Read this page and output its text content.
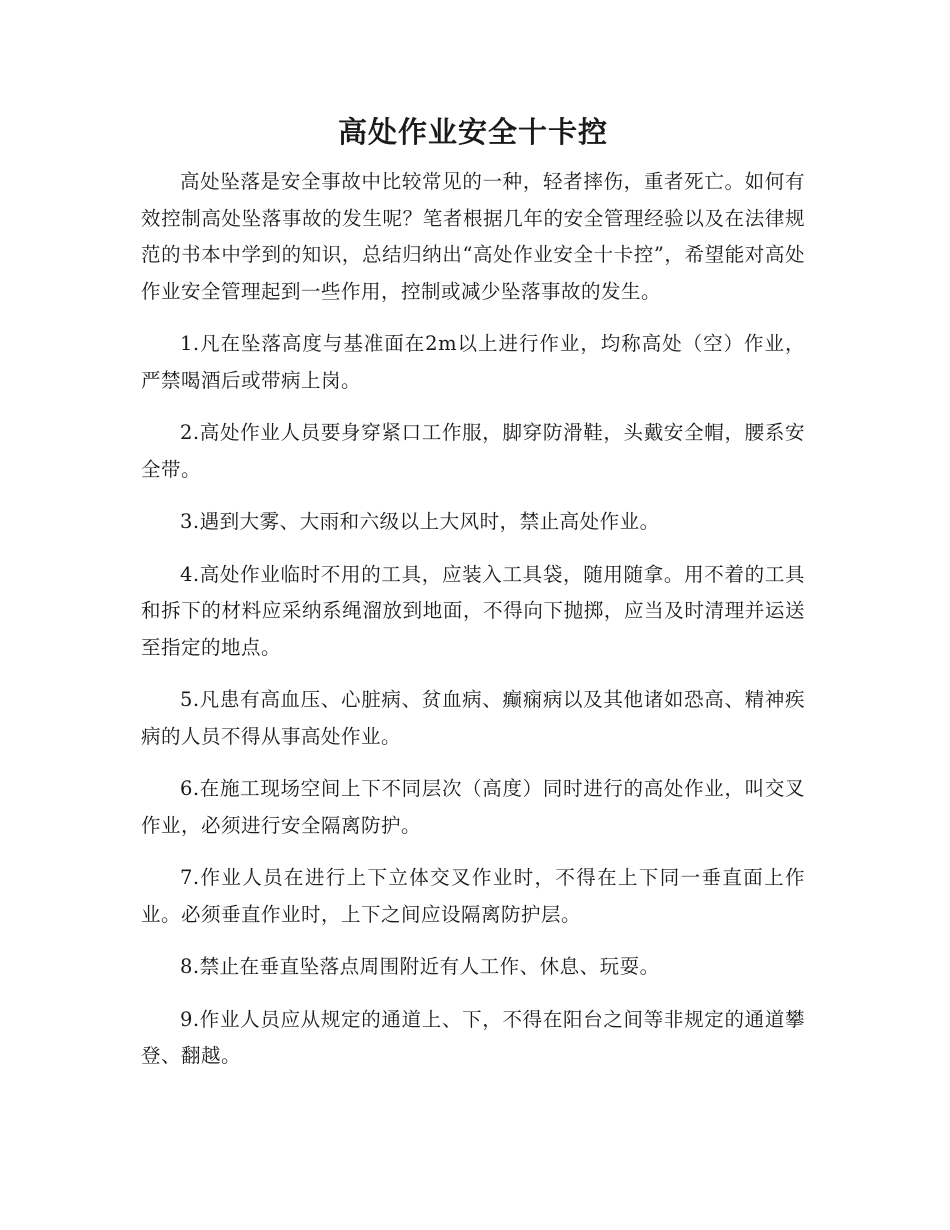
高处作业安全十卡控

高处坠落是安全事故中比较常见的一种，轻者摔伤，重者死亡。如何有效控制高处坠落事故的发生呢？笔者根据几年的安全管理经验以及在法律规范的书本中学到的知识，总结归纳出“高处作业安全十卡控”，希望能对高处作业安全管理起到一些作用，控制或减少坠落事故的发生。

1.凡在坠落高度与基准面在2m以上进行作业，均称高处（空）作业，严禁喝酒后或带病上岗。

2.高处作业人员要身穿紧口工作服，脚穿防滑鞋，头戴安全帽，腰系安全带。

3.遇到大雾、大雨和六级以上大风时，禁止高处作业。

4.高处作业临时不用的工具，应装入工具袋，随用随拿。用不着的工具和拆下的材料应采纳系绳溜放到地面，不得向下抛掷，应当及时清理并运送至指定的地点。

5.凡患有高血压、心脏病、贫血病、癫痫病以及其他诸如恐高、精神疾病的人员不得从事高处作业。

6.在施工现场空间上下不同层次（高度）同时进行的高处作业，叫交叉作业，必须进行安全隔离防护。

7.作业人员在进行上下立体交叉作业时，不得在上下同一垂直面上作业。必须垂直作业时，上下之间应设隔离防护层。

8.禁止在垂直坠落点周围附近有人工作、休息、玩耍。

9.作业人员应从规定的通道上、下，不得在阳台之间等非规定的通道攀登、翻越。
